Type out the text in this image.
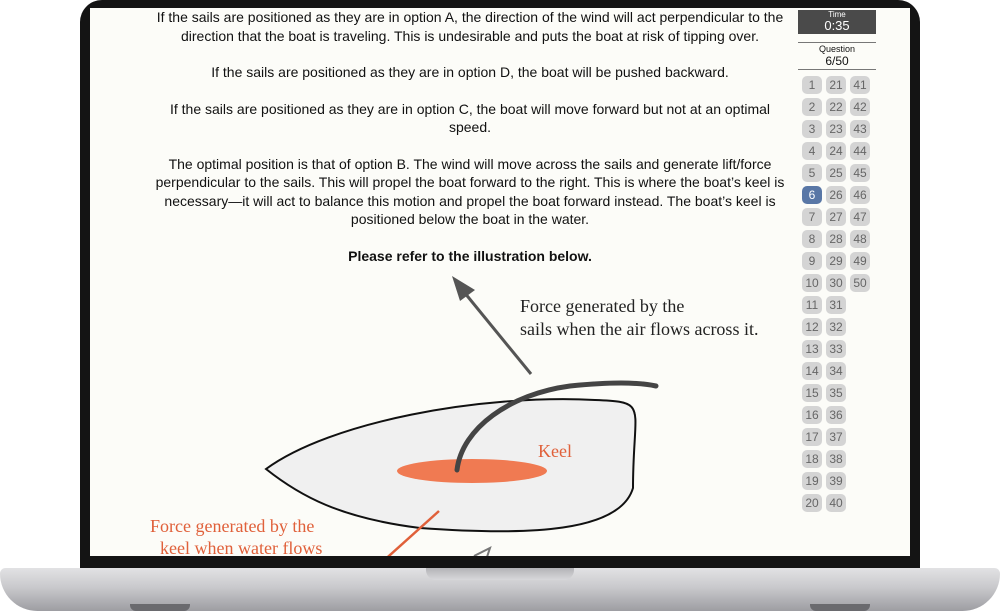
If the sails are positioned as they are in option A, the direction of the wind will act perpendicular to the direction that the boat is traveling. This is undesirable and puts the boat at risk of tipping over.

If the sails are positioned as they are in option D, the boat will be pushed backward.

If the sails are positioned as they are in option C, the boat will move forward but not at an optimal speed.

The optimal position is that of option B. The wind will move across the sails and generate lift/force perpendicular to the sails. This will propel the boat forward to the right. This is where the boat’s keel is necessary—it will act to balance this motion and propel the boat forward instead. The boat’s keel is positioned below the boat in the water.

Please refer to the illustration below.

Force generated by the
sails when the air flows across it.
Keel
Force generated by the
keel when water flows
Time
0:35
Question
6/50
1
2
3
4
5
6
7
8
9
10
11
12
13
14
15
16
17
18
19
20
21
22
23
24
25
26
27
28
29
30
31
32
33
34
35
36
37
38
39
40
41
42
43
44
45
46
47
48
49
50
